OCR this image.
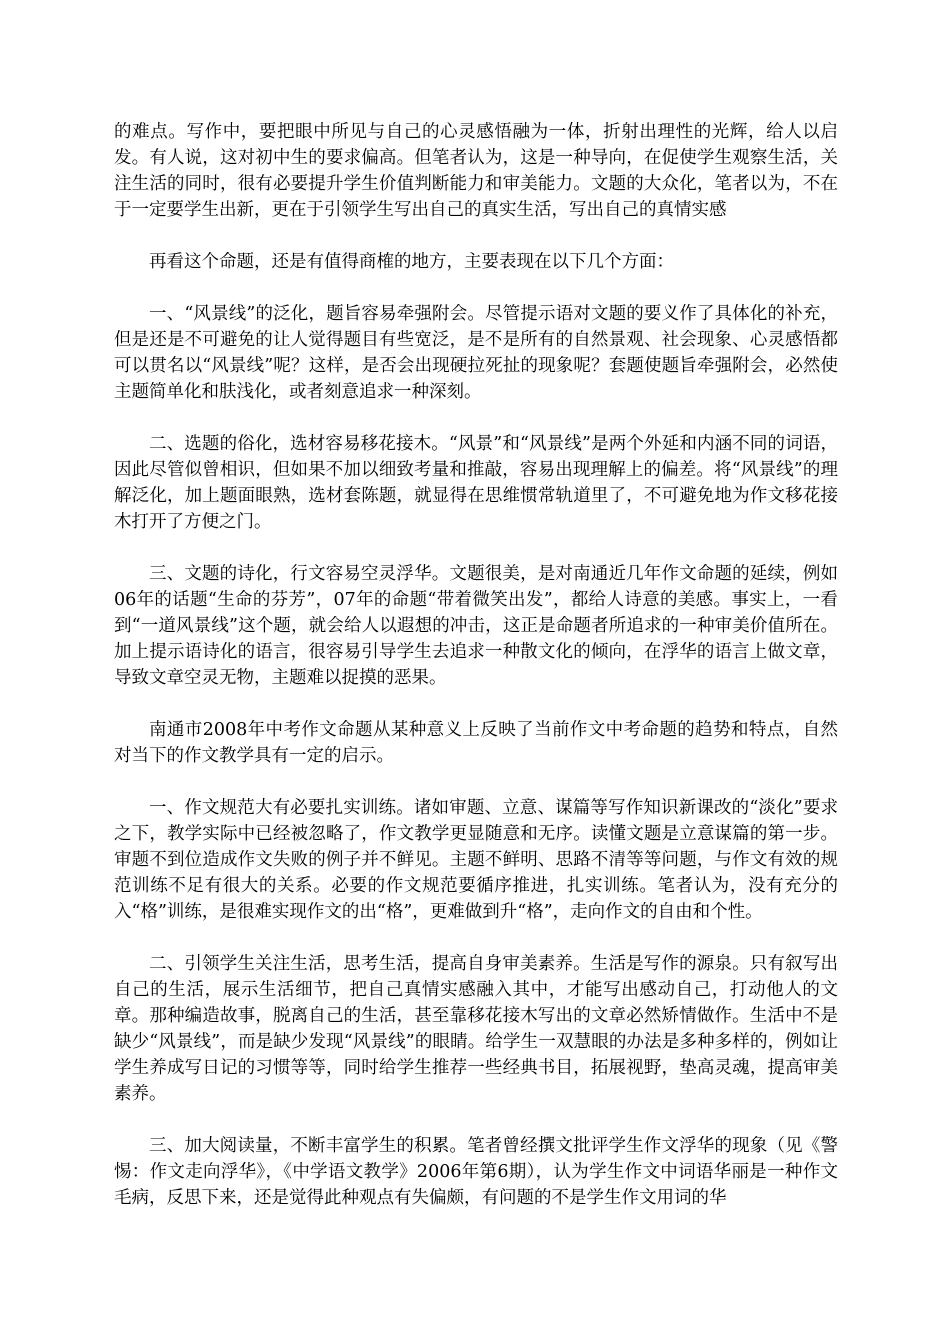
的难点。写作中，要把眼中所见与自己的心灵感悟融为一体，折射出理性的光辉，给人以启发。有人说，这对初中生的要求偏高。但笔者认为，这是一种导向，在促使学生观察生活，关注生活的同时，很有必要提升学生价值判断能力和审美能力。文题的大众化，笔者以为，不在于一定要学生出新，更在于引领学生写出自己的真实生活，写出自己的真情实感

再看这个命题，还是有值得商榷的地方，主要表现在以下几个方面：

一、“风景线”的泛化，题旨容易牵强附会。尽管提示语对文题的要义作了具体化的补充，但是还是不可避免的让人觉得题目有些宽泛，是不是所有的自然景观、社会现象、心灵感悟都可以贯名以“风景线”呢？这样，是否会出现硬拉死扯的现象呢？套题使题旨牵强附会，必然使主题简单化和肤浅化，或者刻意追求一种深刻。

二、选题的俗化，选材容易移花接木。“风景”和“风景线”是两个外延和内涵不同的词语，因此尽管似曾相识，但如果不加以细致考量和推敲，容易出现理解上的偏差。将“风景线”的理解泛化，加上题面眼熟，选材套陈题，就显得在思维惯常轨道里了，不可避免地为作文移花接木打开了方便之门。

三、文题的诗化，行文容易空灵浮华。文题很美，是对南通近几年作文命题的延续，例如06年的话题“生命的芬芳”，07年的命题“带着微笑出发”，都给人诗意的美感。事实上，一看到“一道风景线”这个题，就会给人以遐想的冲击，这正是命题者所追求的一种审美价值所在。加上提示语诗化的语言，很容易引导学生去追求一种散文化的倾向，在浮华的语言上做文章，导致文章空灵无物，主题难以捉摸的恶果。

南通市2008年中考作文命题从某种意义上反映了当前作文中考命题的趋势和特点，自然对当下的作文教学具有一定的启示。

一、作文规范大有必要扎实训练。诸如审题、立意、谋篇等写作知识新课改的“淡化”要求之下，教学实际中已经被忽略了，作文教学更显随意和无序。读懂文题是立意谋篇的第一步。审题不到位造成作文失败的例子并不鲜见。主题不鲜明、思路不清等等问题，与作文有效的规范训练不足有很大的关系。必要的作文规范要循序推进，扎实训练。笔者认为，没有充分的入“格”训练，是很难实现作文的出“格”，更难做到升“格”，走向作文的自由和个性。

二、引领学生关注生活，思考生活，提高自身审美素养。生活是写作的源泉。只有叙写出自己的生活，展示生活细节，把自己真情实感融入其中，才能写出感动自己，打动他人的文章。那种编造故事，脱离自己的生活，甚至靠移花接木写出的文章必然矫情做作。生活中不是缺少“风景线”，而是缺少发现“风景线”的眼睛。给学生一双慧眼的办法是多种多样的，例如让学生养成写日记的习惯等等，同时给学生推荐一些经典书目，拓展视野，垫高灵魂，提高审美素养。

三、加大阅读量，不断丰富学生的积累。笔者曾经撰文批评学生作文浮华的现象（见《警惕：作文走向浮华》，《中学语文教学》2006年第6期），认为学生作文中词语华丽是一种作文毛病，反思下来，还是觉得此种观点有失偏颇，有问题的不是学生作文用词的华
